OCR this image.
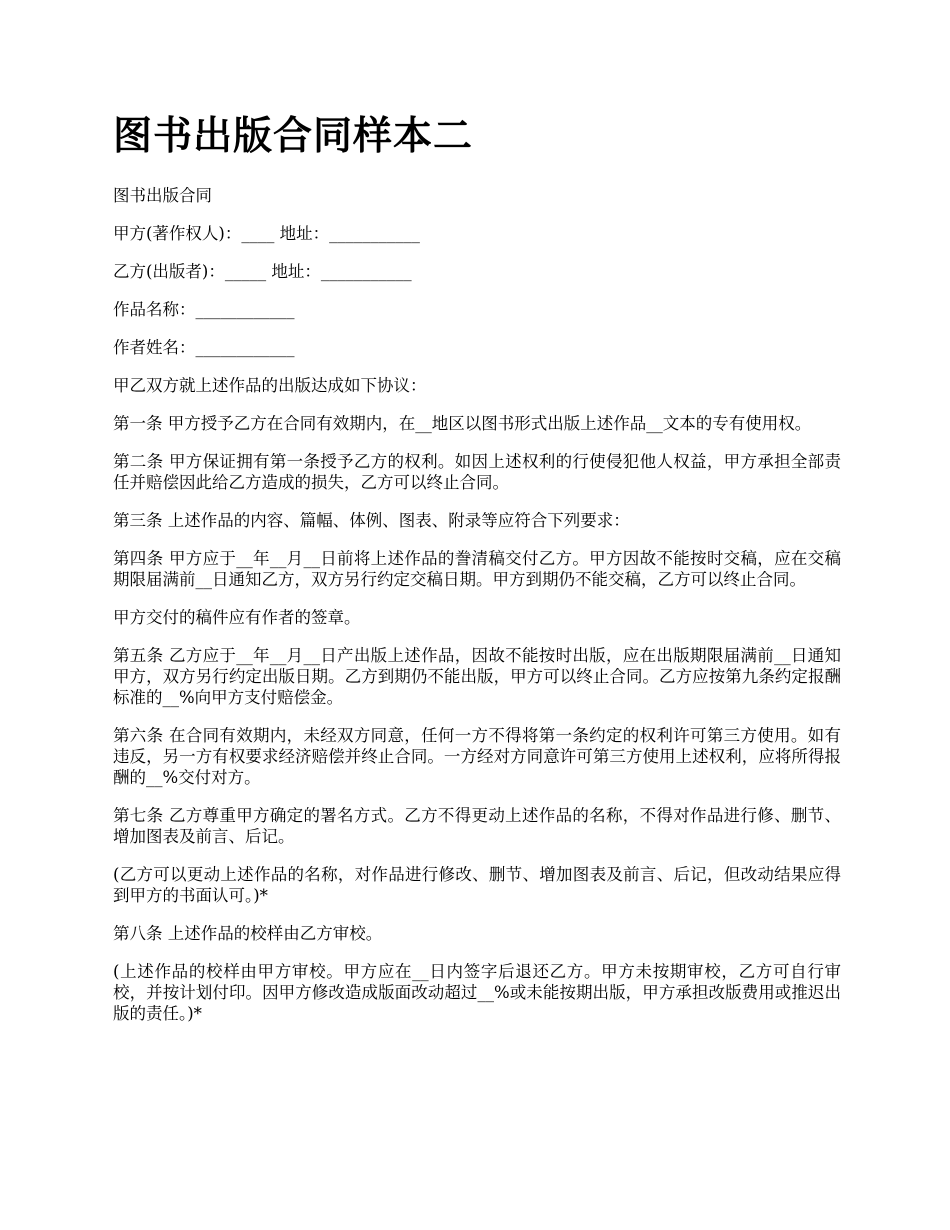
图书出版合同样本二

图书出版合同

甲方(著作权人)：____ 地址：___________

乙方(出版者)：_____ 地址：___________

作品名称：____________

作者姓名：____________

甲乙双方就上述作品的出版达成如下协议：

第一条 甲方授予乙方在合同有效期内，在__地区以图书形式出版上述作品__文本的专有使用权。

第二条 甲方保证拥有第一条授予乙方的权利。如因上述权利的行使侵犯他人权益，甲方承担全部责任并赔偿因此给乙方造成的损失，乙方可以终止合同。

第三条 上述作品的内容、篇幅、体例、图表、附录等应符合下列要求：

第四条 甲方应于__年__月__日前将上述作品的誊清稿交付乙方。甲方因故不能按时交稿，应在交稿期限届满前__日通知乙方，双方另行约定交稿日期。甲方到期仍不能交稿，乙方可以终止合同。

甲方交付的稿件应有作者的签章。

第五条 乙方应于__年__月__日产出版上述作品，因故不能按时出版，应在出版期限届满前__日通知甲方，双方另行约定出版日期。乙方到期仍不能出版，甲方可以终止合同。乙方应按第九条约定报酬标准的__%向甲方支付赔偿金。

第六条 在合同有效期内，未经双方同意，任何一方不得将第一条约定的权利许可第三方使用。如有违反，另一方有权要求经济赔偿并终止合同。一方经对方同意许可第三方使用上述权利，应将所得报酬的__%交付对方。

第七条 乙方尊重甲方确定的署名方式。乙方不得更动上述作品的名称，不得对作品进行修、删节、增加图表及前言、后记。

(乙方可以更动上述作品的名称，对作品进行修改、删节、增加图表及前言、后记，但改动结果应得到甲方的书面认可。)*

第八条 上述作品的校样由乙方审校。

(上述作品的校样由甲方审校。甲方应在__日内签字后退还乙方。甲方未按期审校，乙方可自行审校，并按计划付印。因甲方修改造成版面改动超过__%或未能按期出版，甲方承担改版费用或推迟出版的责任。)*
